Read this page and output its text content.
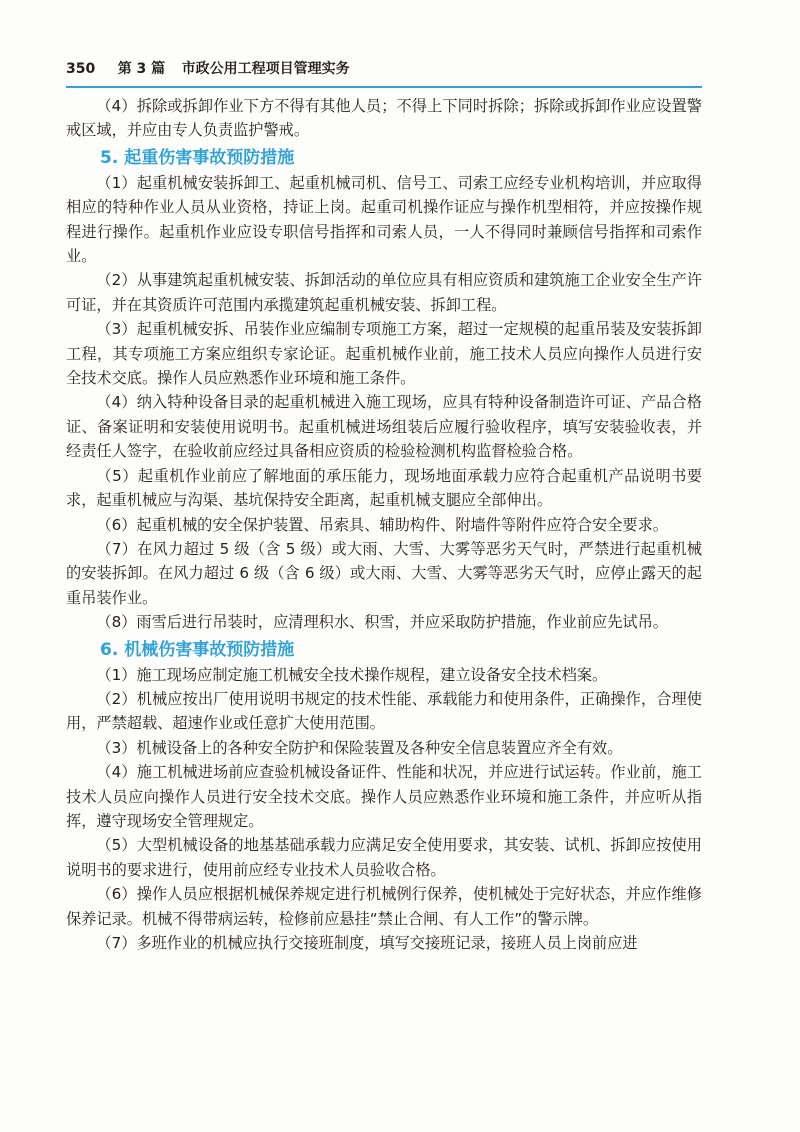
350 第 3 篇 市政公用工程项目管理实务

（4）拆除或拆卸作业下方不得有其他人员；不得上下同时拆除；拆除或拆卸作业应设置警戒区域，并应由专人负责监护警戒。

5. 起重伤害事故预防措施

（1）起重机械安装拆卸工、起重机械司机、信号工、司索工应经专业机构培训，并应取得相应的特种作业人员从业资格，持证上岗。起重司机操作证应与操作机型相符，并应按操作规程进行操作。起重机作业应设专职信号指挥和司索人员，一人不得同时兼顾信号指挥和司索作业。

（2）从事建筑起重机械安装、拆卸活动的单位应具有相应资质和建筑施工企业安全生产许可证，并在其资质许可范围内承揽建筑起重机械安装、拆卸工程。

（3）起重机械安拆、吊装作业应编制专项施工方案，超过一定规模的起重吊装及安装拆卸工程，其专项施工方案应组织专家论证。起重机械作业前，施工技术人员应向操作人员进行安全技术交底。操作人员应熟悉作业环境和施工条件。

（4）纳入特种设备目录的起重机械进入施工现场，应具有特种设备制造许可证、产品合格证、备案证明和安装使用说明书。起重机械进场组装后应履行验收程序，填写安装验收表，并经责任人签字，在验收前应经过具备相应资质的检验检测机构监督检验合格。

（5）起重机作业前应了解地面的承压能力，现场地面承载力应符合起重机产品说明书要求，起重机械应与沟渠、基坑保持安全距离，起重机械支腿应全部伸出。

（6）起重机械的安全保护装置、吊索具、辅助构件、附墙件等附件应符合安全要求。

（7）在风力超过 5 级（含 5 级）或大雨、大雪、大雾等恶劣天气时，严禁进行起重机械的安装拆卸。在风力超过 6 级（含 6 级）或大雨、大雪、大雾等恶劣天气时，应停止露天的起重吊装作业。

（8）雨雪后进行吊装时，应清理积水、积雪，并应采取防护措施，作业前应先试吊。

6. 机械伤害事故预防措施

（1）施工现场应制定施工机械安全技术操作规程，建立设备安全技术档案。

（2）机械应按出厂使用说明书规定的技术性能、承载能力和使用条件，正确操作，合理使用，严禁超载、超速作业或任意扩大使用范围。

（3）机械设备上的各种安全防护和保险装置及各种安全信息装置应齐全有效。

（4）施工机械进场前应查验机械设备证件、性能和状况，并应进行试运转。作业前，施工技术人员应向操作人员进行安全技术交底。操作人员应熟悉作业环境和施工条件，并应听从指挥，遵守现场安全管理规定。

（5）大型机械设备的地基基础承载力应满足安全使用要求，其安装、试机、拆卸应按使用说明书的要求进行，使用前应经专业技术人员验收合格。

（6）操作人员应根据机械保养规定进行机械例行保养，使机械处于完好状态，并应作维修保养记录。机械不得带病运转，检修前应悬挂“禁止合闸、有人工作”的警示牌。

（7）多班作业的机械应执行交接班制度，填写交接班记录，接班人员上岗前应进
